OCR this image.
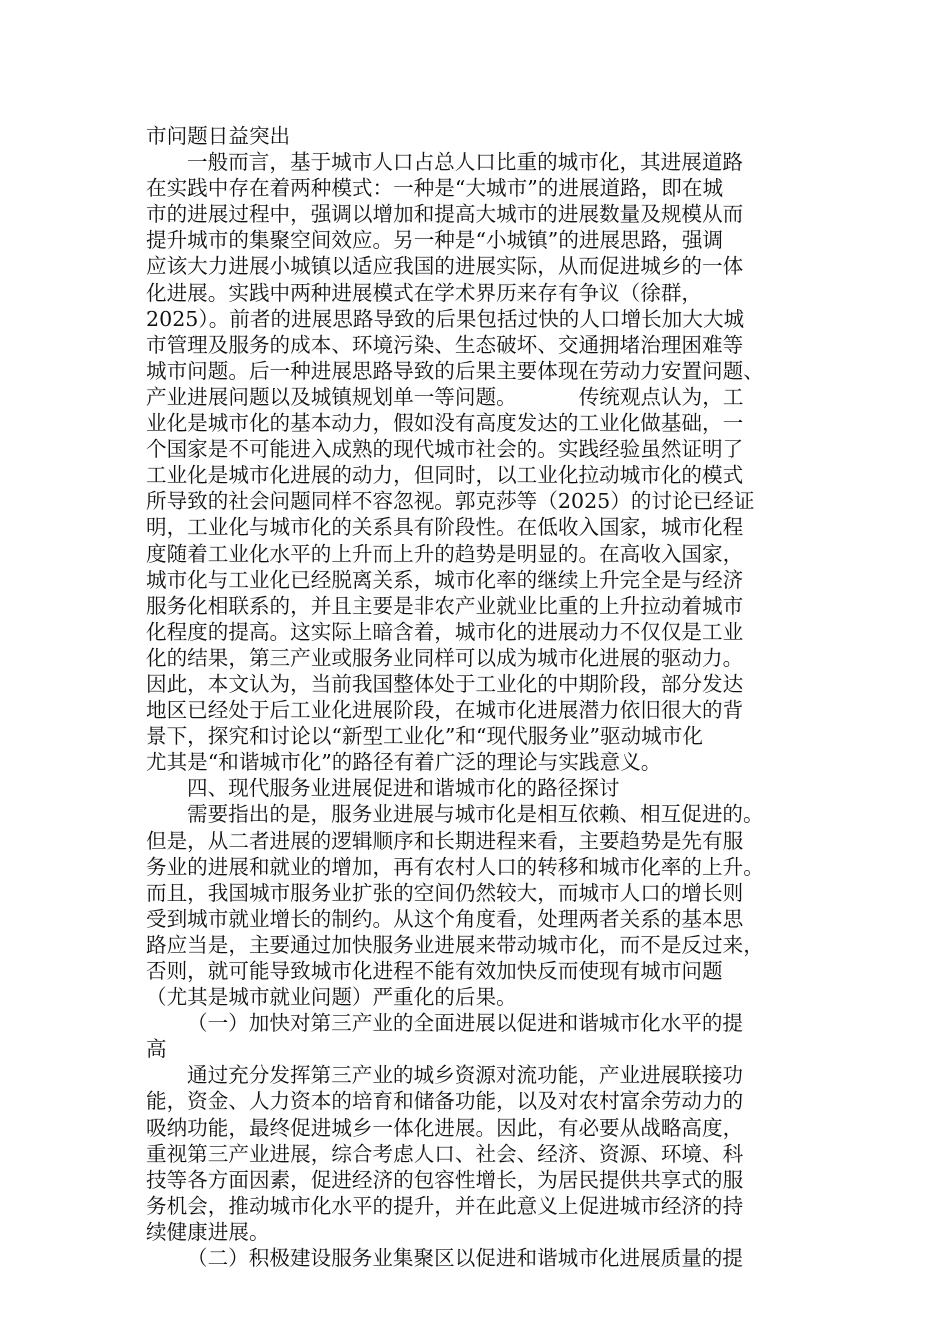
市问题日益突出
一般而言，基于城市人口占总人口比重的城市化，其进展道路
在实践中存在着两种模式：一种是“大城市”的进展道路，即在城
市的进展过程中，强调以增加和提高大城市的进展数量及规模从而
提升城市的集聚空间效应。另一种是“小城镇”的进展思路，强调
应该大力进展小城镇以适应我国的进展实际，从而促进城乡的一体
化进展。实践中两种进展模式在学术界历来存有争议（徐群，
2025）。前者的进展思路导致的后果包括过快的人口增长加大大城
市管理及服务的成本、环境污染、生态破坏、交通拥堵治理困难等
城市问题。后一种进展思路导致的后果主要体现在劳动力安置问题、
产业进展问题以及城镇规划单一等问题。	传统观点认为，工
业化是城市化的基本动力，假如没有高度发达的工业化做基础，一
个国家是不可能进入成熟的现代城市社会的。实践经验虽然证明了
工业化是城市化进展的动力，但同时，以工业化拉动城市化的模式
所导致的社会问题同样不容忽视。郭克莎等（2025）的讨论已经证
明，工业化与城市化的关系具有阶段性。在低收入国家，城市化程
度随着工业化水平的上升而上升的趋势是明显的。在高收入国家，
城市化与工业化已经脱离关系，城市化率的继续上升完全是与经济
服务化相联系的，并且主要是非农产业就业比重的上升拉动着城市
化程度的提高。这实际上暗含着，城市化的进展动力不仅仅是工业
化的结果，第三产业或服务业同样可以成为城市化进展的驱动力。
因此，本文认为，当前我国整体处于工业化的中期阶段，部分发达
地区已经处于后工业化进展阶段，在城市化进展潜力依旧很大的背
景下，探究和讨论以“新型工业化”和“现代服务业”驱动城市化
尤其是“和谐城市化”的路径有着广泛的理论与实践意义。
四、现代服务业进展促进和谐城市化的路径探讨
需要指出的是，服务业进展与城市化是相互依赖、相互促进的。
但是，从二者进展的逻辑顺序和长期进程来看，主要趋势是先有服
务业的进展和就业的增加，再有农村人口的转移和城市化率的上升。
而且，我国城市服务业扩张的空间仍然较大，而城市人口的增长则
受到城市就业增长的制约。从这个角度看，处理两者关系的基本思
路应当是，主要通过加快服务业进展来带动城市化，而不是反过来，
否则，就可能导致城市化进程不能有效加快反而使现有城市问题
（尤其是城市就业问题）严重化的后果。
（一）加快对第三产业的全面进展以促进和谐城市化水平的提
高
通过充分发挥第三产业的城乡资源对流功能，产业进展联接功
能，资金、人力资本的培育和储备功能，以及对农村富余劳动力的
吸纳功能，最终促进城乡一体化进展。因此，有必要从战略高度，
重视第三产业进展，综合考虑人口、社会、经济、资源、环境、科
技等各方面因素，促进经济的包容性增长，为居民提供共享式的服
务机会，推动城市化水平的提升，并在此意义上促进城市经济的持
续健康进展。
（二）积极建设服务业集聚区以促进和谐城市化进展质量的提
